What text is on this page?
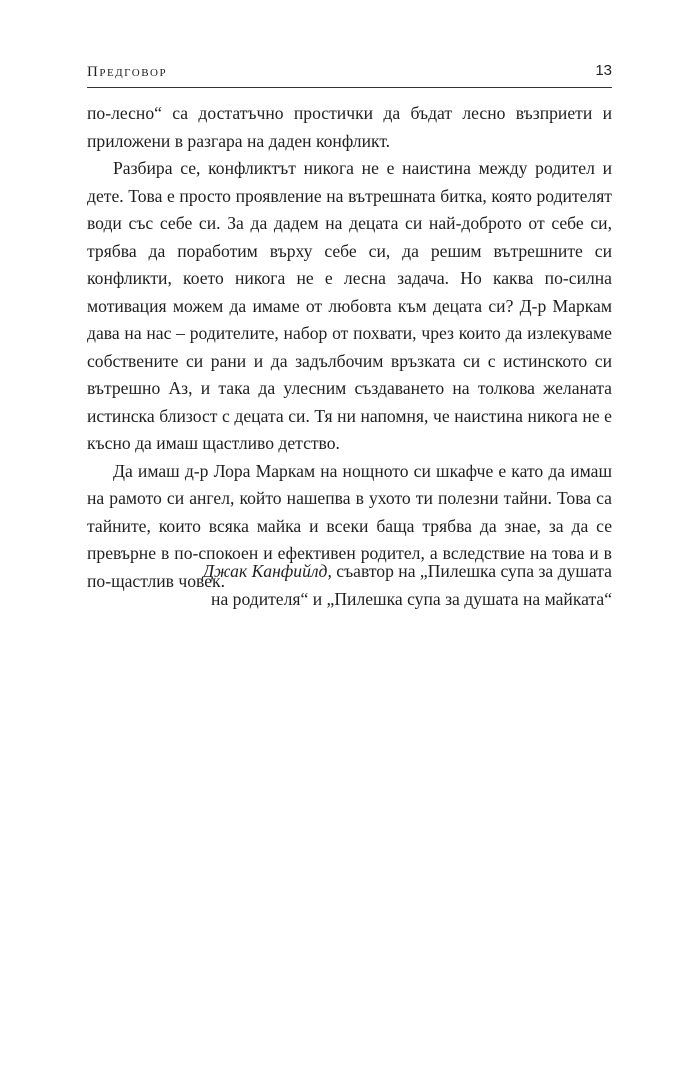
Предговор	13

по-лесно“ са достатъчно простички да бъдат лесно възприети и приложени в разгара на даден конфликт.

Разбира се, конфликтът никога не е наистина между родител и дете. Това е просто проявление на вътрешната битка, която родителят води със себе си. За да дадем на децата си най-доброто от себе си, трябва да поработим върху себе си, да решим вътрешните си конфликти, което никога не е лесна задача. Но каква по-силна мотивация можем да имаме от любовта към децата си? Д-р Маркам дава на нас – родителите, набор от похвати, чрез които да излекуваме собствените си рани и да задълбочим връзката си с истинското си вътрешно Аз, и така да улесним създаването на толкова желаната истинска близост с децата си. Тя ни напомня, че наистина никога не е късно да имаш щастливо детство.

Да имаш д-р Лора Маркам на нощното си шкафче е като да имаш на рамото си ангел, който нашепва в ухото ти полезни тайни. Това са тайните, които всяка майка и всеки баща трябва да знае, за да се превърне в по-спокоен и ефективен родител, а вследствие на това и в по-щастлив човек.

Джак Канфийлд, съавтор на „Пилешка супа за душата
на родителя“ и „Пилешка супа за душата на майката“
